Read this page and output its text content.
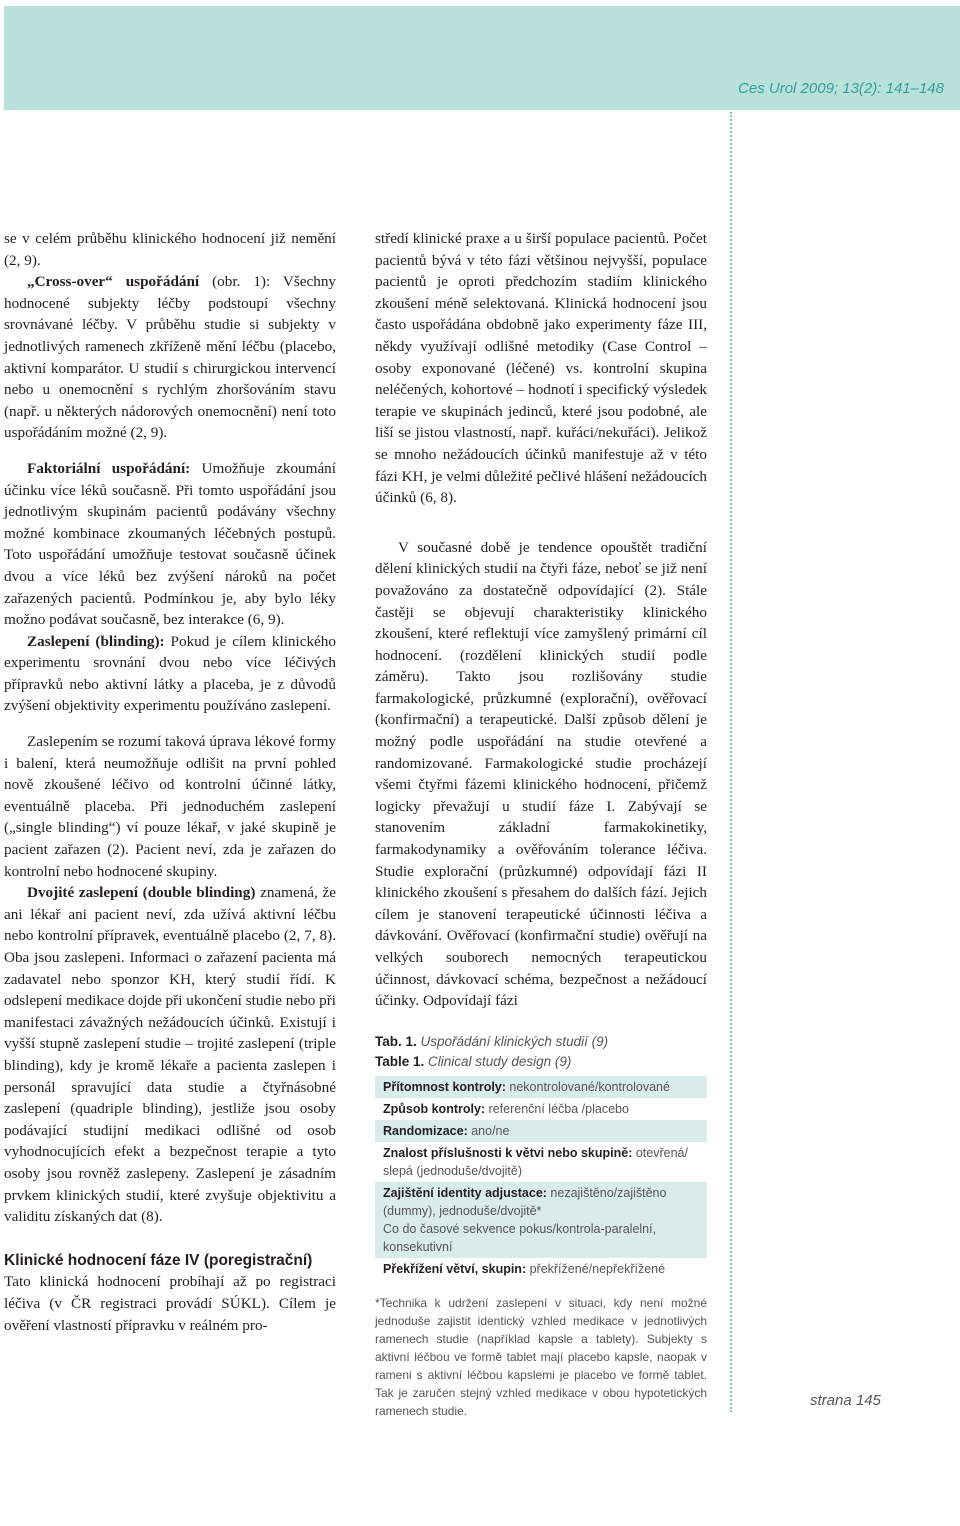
Ces Urol 2009; 13(2): 141–148

se v celém průběhu klinického hodnocení již nemění (2, 9).

„Cross-over“ uspořádání (obr. 1): Všechny hodnocené subjekty léčby podstoupí všechny srovnávané léčby. V průběhu studie si subjekty v jednotlivých ramenech zkříženě mění léčbu (placebo, aktivní komparátor. U studií s chirurgickou intervencí nebo u onemocnění s rychlým zhoršováním stavu (např. u některých nádorových onemocnění) není toto uspořádáním možné (2, 9).

Faktoriální uspořádání: Umožňuje zkoumání účinku více léků současně. Při tomto uspořádání jsou jednotlivým skupinám pacientů podávány všechny možné kombinace zkoumaných léčebných postupů. Toto uspořádání umožňuje testovat současně účinek dvou a více léků bez zvýšení nároků na počet zařazených pacientů. Podmínkou je, aby bylo léky možno podávat současně, bez interakce (6, 9).

Zaslepení (blinding): Pokud je cílem klinického experimentu srovnání dvou nebo více léčivých přípravků nebo aktivní látky a placeba, je z důvodů zvýšení objektivity experimentu používáno zaslepení.

Zaslepením se rozumí taková úprava lékové formy i balení, která neumožňuje odlišit na první pohled nově zkoušené léčivo od kontrolní účinné látky, eventuálně placeba. Při jednoduchém zaslepení („single blinding“) ví pouze lékař, v jaké skupině je pacient zařazen (2). Pacient neví, zda je zařazen do kontrolní nebo hodnocené skupiny.

Dvojité zaslepení (double blinding) znamená, že ani lékař ani pacient neví, zda užívá aktivní léčbu nebo kontrolní přípravek, eventuálně placebo (2, 7, 8). Oba jsou zaslepeni. Informaci o zařazení pacienta má zadavatel nebo sponzor KH, který studií řídí. K odslepení medikace dojde při ukončení studie nebo při manifestaci závažných nežádoucích účinků. Existují i vyšší stupně zaslepení studie – trojité zaslepení (triple blinding), kdy je kromě lékaře a pacienta zaslepen i personál spravující data studie a čtyřnásobné zaslepení (quadriple blinding), jestliže jsou osoby podávající studijní medikaci odlišné od osob vyhodnocujících efekt a bezpečnost terapie a tyto osoby jsou rovněž zaslepeny. Zaslepení je zásadním prvkem klinických studií, které zvyšuje objektivitu a validitu získaných dat (8).

Klinické hodnocení fáze IV (poregistrační)

Tato klinická hodnocení probíhají až po registraci léčiva (v ČR registraci provádí SÚKL). Cílem je ověření vlastností přípravku v reálném pro-

středí klinické praxe a u širší populace pacientů. Počet pacientů bývá v této fázi většinou nejvyšší, populace pacientů je oproti předchozím stadiím klinického zkoušení méně selektovaná. Klinická hodnocení jsou často uspořádána obdobně jako experimenty fáze III, někdy využívají odlišné metodiky (Case Control – osoby exponované (léčené) vs. kontrolní skupina neléčených, kohortové – hodnotí i specifický výsledek terapie ve skupinách jedinců, které jsou podobné, ale liší se jistou vlastností, např. kuřáci/nekuřáci). Jelikož se mnoho nežádoucích účinků manifestuje až v této fázi KH, je velmi důležité pečlivé hlášení nežádoucích účinků (6, 8).

V současné době je tendence opouštět tradiční dělení klinických studií na čtyři fáze, neboť se již není považováno za dostatečně odpovídající (2). Stále častěji se objevují charakteristiky klinického zkoušení, které reflektují více zamyšlený primární cíl hodnocení. (rozdělení klinických studií podle záměru). Takto jsou rozlišovány studie farmakologické, průzkumné (explorační), ověřovací (konfirmační) a terapeutické. Další způsob dělení je možný podle uspořádání na studie otevřené a randomizované. Farmakologické studie procházejí všemi čtyřmi fázemi klinického hodnocení, přičemž logicky převažují u studií fáze I. Zabývají se stanovením základní farmakokinetiky, farmakodynamiky a ověřováním tolerance léčiva. Studie explorační (průzkumné) odpovídají fázi II klinického zkoušení s přesahem do dalších fází. Jejich cílem je stanovení terapeutické účinnosti léčiva a dávkování. Ověřovací (konfirmační studie) ověřují na velkých souborech nemocných terapeutickou účinnost, dávkovací schéma, bezpečnost a nežádoucí účinky. Odpovídají fázi

Tab. 1. Uspořádání klinických studií (9)
Table 1. Clinical study design (9)
Přítomnost kontroly: nekontrolované/kontrolované
Způsob kontroly: referenční léčba /placebo
Randomizace: ano/ne
Znalost příslušnosti k větvi nebo skupině: otevřená/ slepá (jednoduše/dvojitě)
Zajištění identity adjustace: nezajištěno/zajištěno (dummy), jednoduše/dvojitě*
Co do časové sekvence pokus/kontrola-paralelní, konsekutivní
Překřížení větví, skupin: překřížené/nepřekřížené

*Technika k udržení zaslepení v situaci, kdy není možné jednoduše zajistit identický vzhled medikace v jednotlivých ramenech studie (například kapsle a tablety). Subjekty s aktivní léčbou ve formě tablet mají placebo kapsle, naopak v rameni s aktivní léčbou kapslemi je placebo ve formě tablet. Tak je zaručen stejný vzhled medikace v obou hypotetických ramenech studie.

strana 145
